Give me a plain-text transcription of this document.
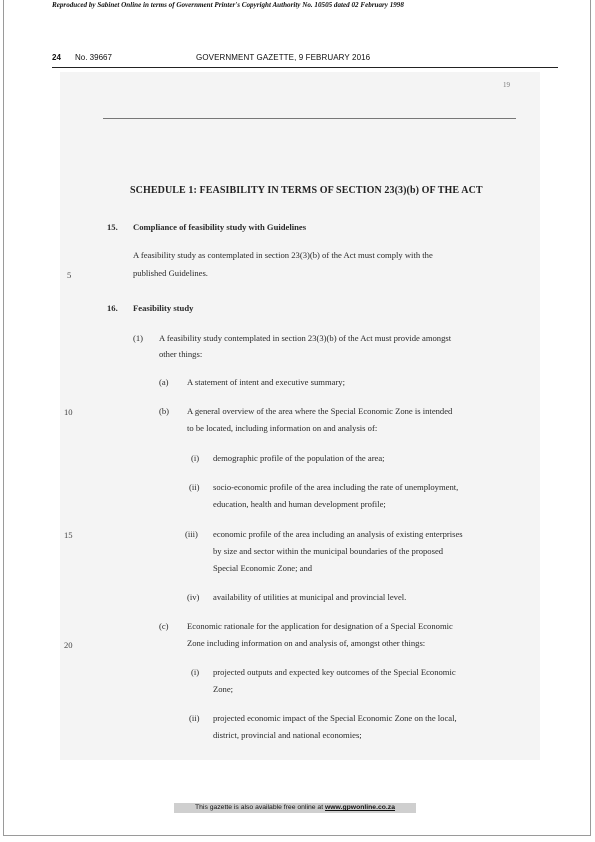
Reproduced by Sabinet Online in terms of Government Printer's Copyright Authority No. 10505 dated 02 February 1998
24 No. 39667	GOVERNMENT GAZETTE, 9 FEBRUARY 2016
19
SCHEDULE 1: FEASIBILITY IN TERMS OF SECTION 23(3)(b) OF THE ACT
15. Compliance of feasibility study with Guidelines
A feasibility study as contemplated in section 23(3)(b) of the Act must comply with the
published Guidelines.
16. Feasibility study
(1) A feasibility study contemplated in section 23(3)(b) of the Act must provide amongst
other things:
(a) A statement of intent and executive summary;
(b) A general overview of the area where the Special Economic Zone is intended
to be located, including information on and analysis of:
(i) demographic profile of the population of the area;
(ii) socio-economic profile of the area including the rate of unemployment,
education, health and human development profile;
(iii) economic profile of the area including an analysis of existing enterprises
by size and sector within the municipal boundaries of the proposed
Special Economic Zone; and
(iv) availability of utilities at municipal and provincial level.
(c) Economic rationale for the application for designation of a Special Economic
Zone including information on and analysis of, amongst other things:
(i) projected outputs and expected key outcomes of the Special Economic
Zone;
(ii) projected economic impact of the Special Economic Zone on the local,
district, provincial and national economies;
5
10
15
20
This gazette is also available free online at www.gpwonline.co.za
